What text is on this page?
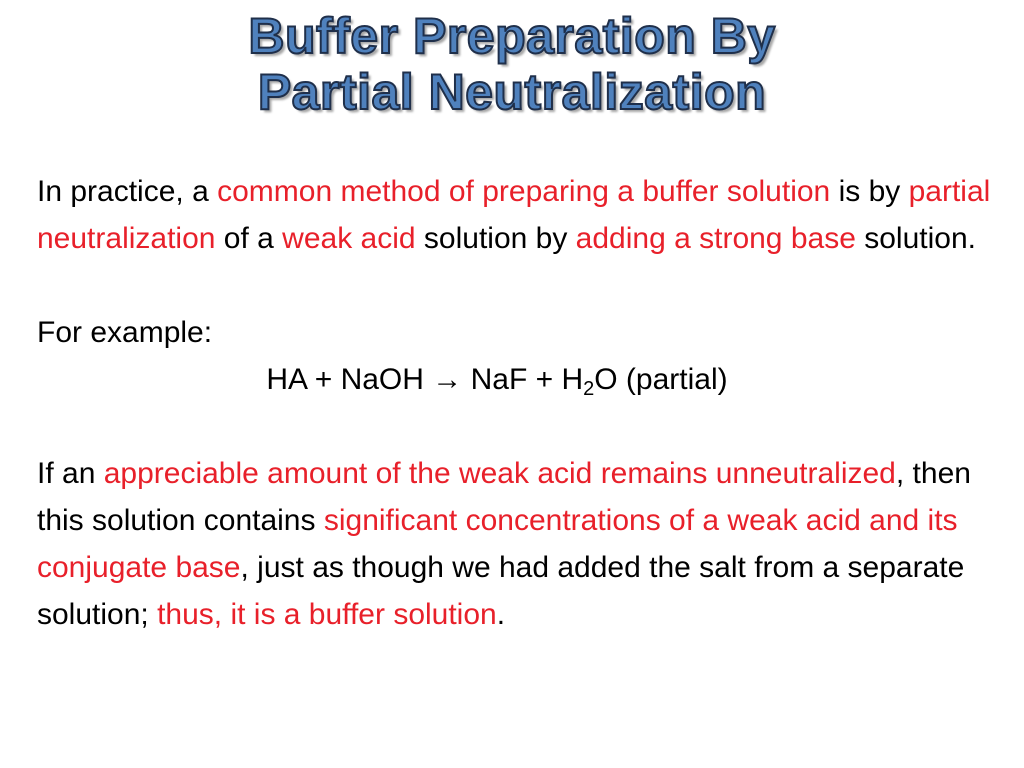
Buffer Preparation By
Partial Neutralization

In practice, a common method of preparing a buffer solution is by partial neutralization of a weak acid solution by adding a strong base solution.

For example:

HA + NaOH → NaF + $H_2O$ (partial)

If an appreciable amount of the weak acid remains unneutralized, then this solution contains significant concentrations of a weak acid and its conjugate base, just as though we had added the salt from a separate solution; thus, it is a buffer solution.
